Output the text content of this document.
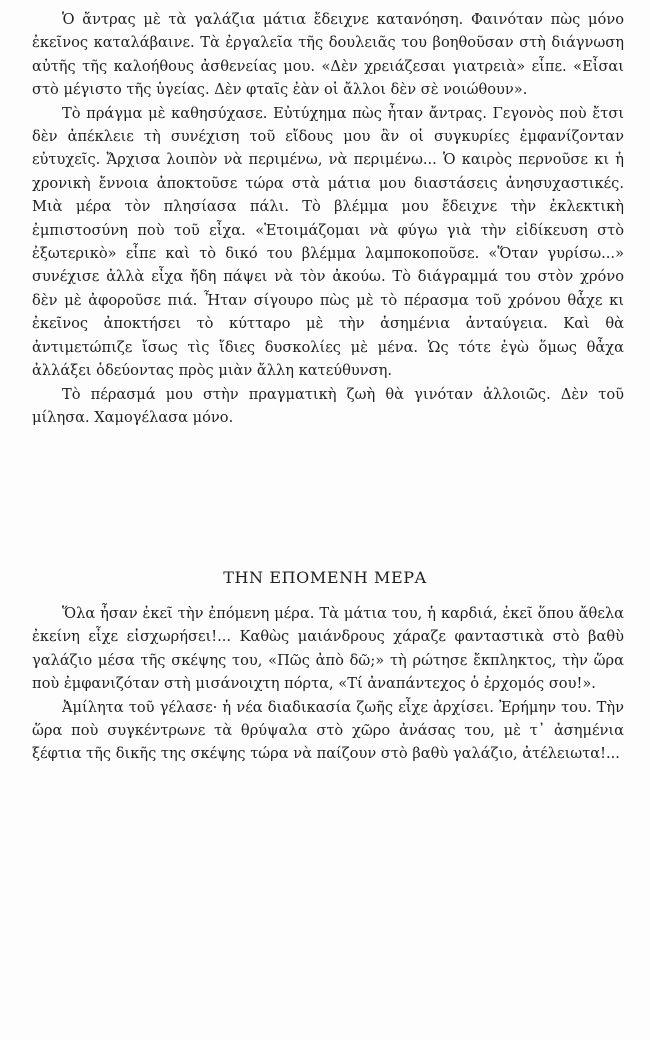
Ὁ ἄντρας μὲ τὰ γαλάζια μάτια ἔδειχνε κατανόηση. Φαινόταν πὼς μόνο ἐκεῖνος καταλάβαινε. Τὰ ἐργαλεῖα τῆς δουλειᾶς του βοηθοῦσαν στὴ διάγνωση αὐτῆς τῆς καλοήθους ἀσθενείας μου. «Δὲν χρειάζεσαι γιατρειὰ» εἶπε. «Εἶσαι στὸ μέγιστο τῆς ὑγείας. Δὲν φταῖς ἐὰν οἱ ἄλλοι δὲν σὲ νοιώθουν».

Τὸ πράγμα μὲ καθησύχασε. Εὐτύχημα πὼς ἦταν ἄντρας. Γεγονὸς ποὺ ἔτσι δὲν ἀπέκλειε τὴ συνέχιση τοῦ εἴδους μου ἂν οἱ συγκυρίες ἐμφανίζονταν εὐτυχεῖς. Ἄρχισα λοιπὸν νὰ περιμένω, νὰ περιμένω... Ὁ καιρὸς περνοῦσε κι ἡ χρονικὴ ἔννοια ἀποκτοῦσε τώρα στὰ μάτια μου διαστάσεις ἀνησυχαστικές. Μιὰ μέρα τὸν πλησίασα πάλι. Τὸ βλέμμα μου ἔδειχνε τὴν ἐκλεκτικὴ ἐμπιστοσύνη ποὺ τοῦ εἶχα. «Ἑτοιμάζομαι νὰ φύγω γιὰ τὴν εἰδίκευση στὸ ἐξωτερικὸ» εἶπε καὶ τὸ δικό του βλέμμα λαμποκοποῦσε. «Ὅταν γυρίσω...» συνέχισε ἀλλὰ εἶχα ἤδη πάψει νὰ τὸν ἀκούω. Τὸ διάγραμμά του στὸν χρόνο δὲν μὲ ἀφοροῦσε πιά. Ἦταν σίγουρο πὼς μὲ τὸ πέρασμα τοῦ χρόνου θἆχε κι ἐκεῖνος ἀποκτήσει τὸ κύτταρο μὲ τὴν ἀσημένια ἀνταύγεια. Καὶ θὰ ἀντιμετώπιζε ἴσως τὶς ἴδιες δυσκολίες μὲ μένα. Ὡς τότε ἐγὼ ὅμως θἆχα ἀλλάξει ὁδεύοντας πρὸς μιὰν ἄλλη κατεύθυνση.

Τὸ πέρασμά μου στὴν πραγματικὴ ζωὴ θὰ γινόταν ἀλλοιῶς. Δὲν τοῦ μίλησα. Χαμογέλασα μόνο.

ΤΗΝ ΕΠΟΜΕΝΗ ΜΕΡΑ

Ὅλα ἦσαν ἐκεῖ τὴν ἐπόμενη μέρα. Τὰ μάτια του, ἡ καρδιά, ἐκεῖ ὅπου ἄθελα ἐκείνη εἶχε εἰσχωρήσει!... Καθὼς μαιάνδρους χάραζε φανταστικὰ στὸ βαθὺ γαλάζιο μέσα τῆς σκέψης του, «Πῶς ἀπὸ δῶ;» τὴ ρώτησε ἔκπληκτος, τὴν ὥρα ποὺ ἐμφανιζόταν στὴ μισάνοιχτη πόρτα, «Τί ἀναπάντεχος ὁ ἐρχομός σου!».

Ἀμίλητα τοῦ γέλασε· ἡ νέα διαδικασία ζωῆς εἶχε ἀρχίσει. Ἐρήμην του. Τὴν ὥρα ποὺ συγκέντρωνε τὰ θρύψαλα στὸ χῶρο ἀνάσας του, μὲ τ᾽ ἀσημένια ξέφτια τῆς δικῆς της σκέψης τώρα νὰ παίζουν στὸ βαθὺ γαλάζιο, ἀτέλειωτα!...
